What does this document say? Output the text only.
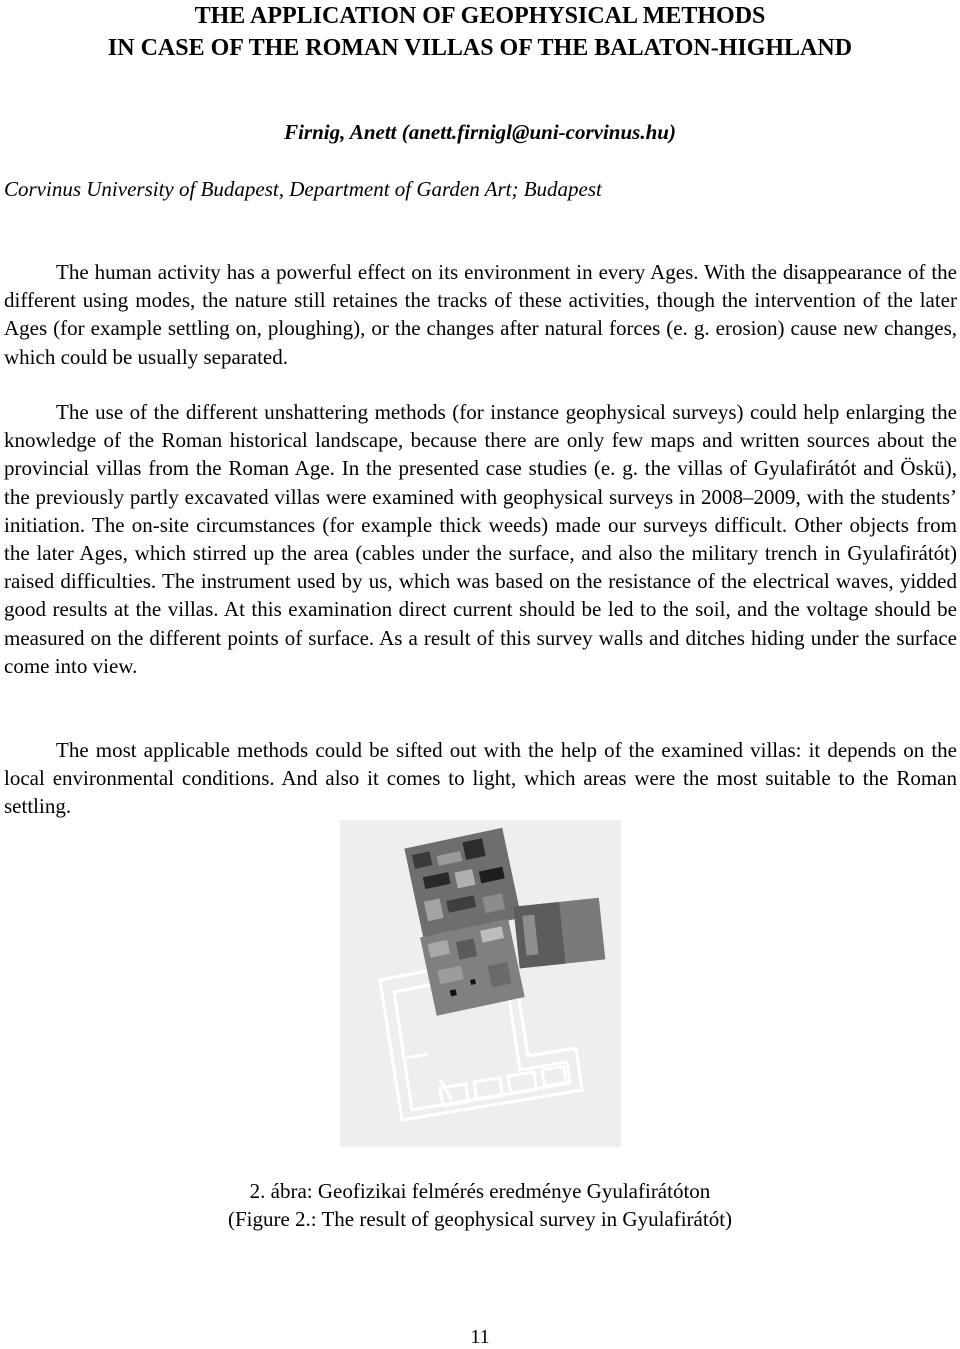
THE APPLICATION OF GEOPHYSICAL METHODS
IN CASE OF THE ROMAN VILLAS OF THE BALATON-HIGHLAND
Firnig, Anett (anett.firnigl@uni-corvinus.hu)
Corvinus University of Budapest, Department of Garden Art; Budapest

The human activity has a powerful effect on its environment in every Ages. With the disappearance of the different using modes, the nature still retaines the tracks of these activities, though the intervention of the later Ages (for example settling on, ploughing), or the changes after natural forces (e. g. erosion) cause new changes, which could be usually separated.

The use of the different unshattering methods (for instance geophysical surveys) could help enlarging the knowledge of the Roman historical landscape, because there are only few maps and written sources about the provincial villas from the Roman Age. In the presented case studies (e. g. the villas of Gyulafirátót and Öskü), the previously partly excavated villas were examined with geophysical surveys in 2008–2009, with the students’ initiation. The on-site circumstances (for example thick weeds) made our surveys difficult. Other objects from the later Ages, which stirred up the area (cables under the surface, and also the military trench in Gyulafirátót) raised difficulties. The instrument used by us, which was based on the resistance of the electrical waves, yidded good results at the villas. At this examination direct current should be led to the soil, and the voltage should be measured on the different points of surface. As a result of this survey walls and ditches hiding under the surface come into view.

The most applicable methods could be sifted out with the help of the examined villas: it depends on the local environmental conditions. And also it comes to light, which areas were the most suitable to the Roman settling.

2. ábra: Geofizikai felmérés eredménye Gyulafirátóton
(Figure 2.: The result of geophysical survey in Gyulafirátót)
11
